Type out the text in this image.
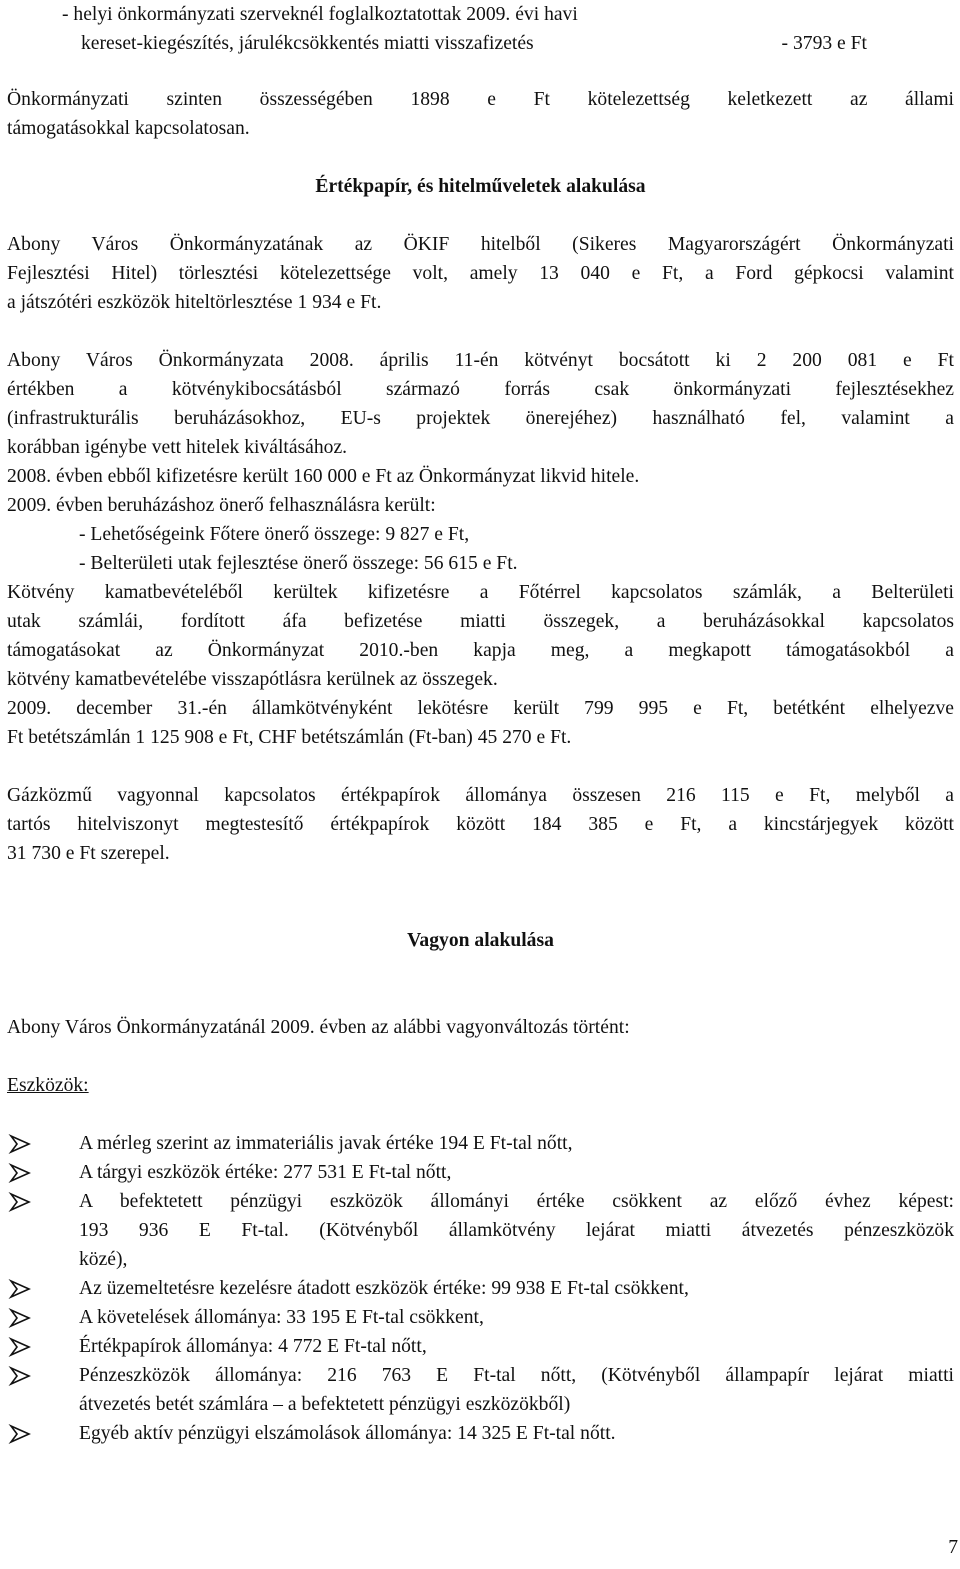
- helyi önkormányzati szerveknél foglalkoztatottak 2009. évi havi
kereset-kiegészítés, járulékcsökkentés miatti visszafizetés	- 3793 e Ft
Önkormányzati szinten összességében 1898 e Ft kötelezettség keletkezett az állami
támogatásokkal kapcsolatosan.
Értékpapír, és hitelműveletek alakulása
Abony Város Önkormányzatának az ÖKIF hitelből (Sikeres Magyarországért Önkormányzati
Fejlesztési Hitel) törlesztési kötelezettsége volt, amely 13 040 e Ft, a Ford gépkocsi valamint
a játszótéri eszközök hiteltörlesztése 1 934 e Ft.
Abony Város Önkormányzata 2008. április 11-én kötvényt bocsátott ki 2 200 081 e Ft
értékben a kötvénykibocsátásból származó forrás csak önkormányzati fejlesztésekhez
(infrastrukturális beruházásokhoz, EU-s projektek önerejéhez) használható fel, valamint a
korábban igénybe vett hitelek kiváltásához.
2008. évben ebből kifizetésre került 160 000 e Ft az Önkormányzat likvid hitele.
2009. évben beruházáshoz önerő felhasználásra került:
- Lehetőségeink Főtere önerő összege: 9 827 e Ft,
- Belterületi utak fejlesztése önerő összege: 56 615 e Ft.
Kötvény kamatbevételéből kerültek kifizetésre a Főtérrel kapcsolatos számlák, a Belterületi
utak számlái, fordított áfa befizetése miatti összegek, a beruházásokkal kapcsolatos
támogatásokat az Önkormányzat 2010.-ben kapja meg, a megkapott támogatásokból a
kötvény kamatbevételébe visszapótlásra kerülnek az összegek.
2009. december 31.-én államkötvényként lekötésre került 799 995 e Ft, betétként elhelyezve
Ft betétszámlán 1 125 908 e Ft, CHF betétszámlán (Ft-ban) 45 270 e Ft.
Gázközmű vagyonnal kapcsolatos értékpapírok állománya összesen 216 115 e Ft, melyből a
tartós hitelviszonyt megtestesítő értékpapírok között 184 385 e Ft, a kincstárjegyek között
31 730 e Ft szerepel.
Vagyon alakulása
Abony Város Önkormányzatánál 2009. évben az alábbi vagyonváltozás történt:
Eszközök:
A mérleg szerint az immateriális javak értéke 194 E Ft-tal nőtt,
A tárgyi eszközök értéke: 277 531 E Ft-tal nőtt,
A befektetett pénzügyi eszközök állományi értéke csökkent az előző évhez képest:
193 936 E Ft-tal. (Kötvényből államkötvény lejárat miatti átvezetés pénzeszközök
közé),
Az üzemeltetésre kezelésre átadott eszközök értéke: 99 938 E Ft-tal csökkent,
A követelések állománya: 33 195 E Ft-tal csökkent,
Értékpapírok állománya: 4 772 E Ft-tal nőtt,
Pénzeszközök állománya: 216 763 E Ft-tal nőtt, (Kötvényből állampapír lejárat miatti
átvezetés betét számlára – a befektetett pénzügyi eszközökből)
Egyéb aktív pénzügyi elszámolások állománya: 14 325 E Ft-tal nőtt.
7
